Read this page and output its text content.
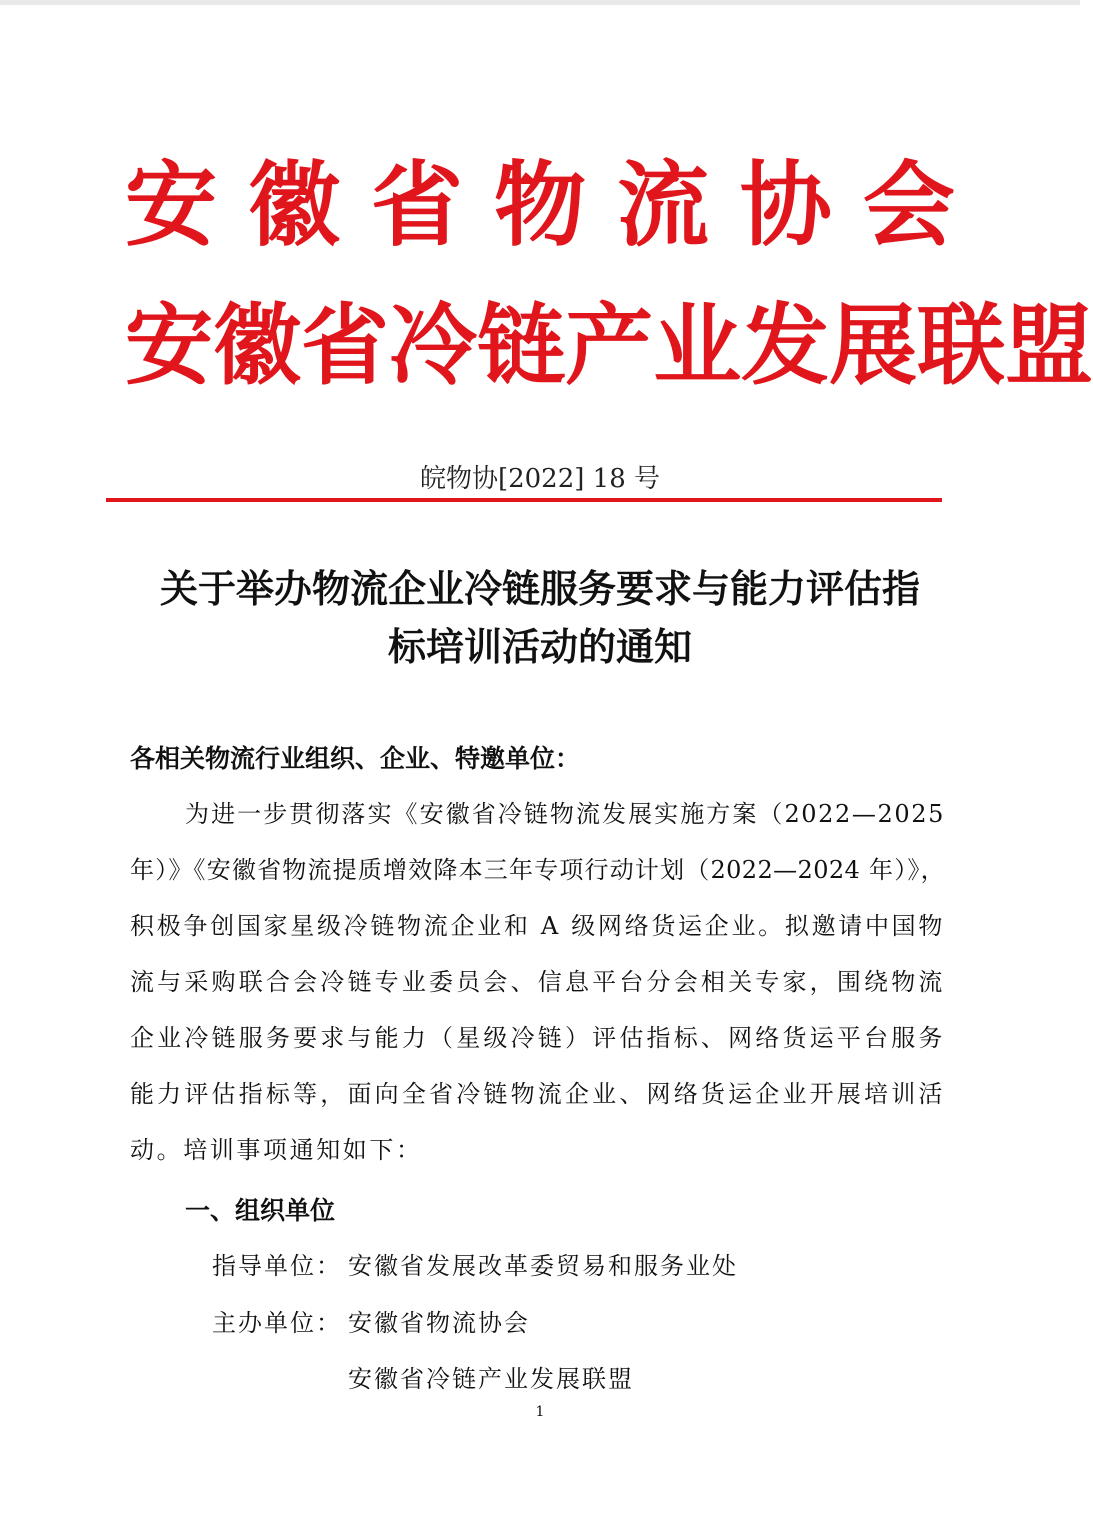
安 徽 省 物 流 协 会
安 徽 省 冷 链 产 业 发 展 联 盟
皖物协[2022] 18 号
关于举办物流企业冷链服务要求与能力评估指
标培训活动的通知
各相关物流行业组织、企业、特邀单位：
为进一步贯彻落实《安徽省冷链物流发展实施方案（2022—2025
年）》《安徽省物流提质增效降本三年专项行动计划（2022—2024 年）》，
积极争创国家星级冷链物流企业和 A 级网络货运企业。拟邀请中国物
流与采购联合会冷链专业委员会、信息平台分会相关专家，围绕物流
企业冷链服务要求与能力（星级冷链）评估指标、网络货运平台服务
能力评估指标等，面向全省冷链物流企业、网络货运企业开展培训活
动。培训事项通知如下：
一、组织单位
指导单位： 安徽省发展改革委贸易和服务业处
主办单位： 安徽省物流协会
安徽省冷链产业发展联盟
1
